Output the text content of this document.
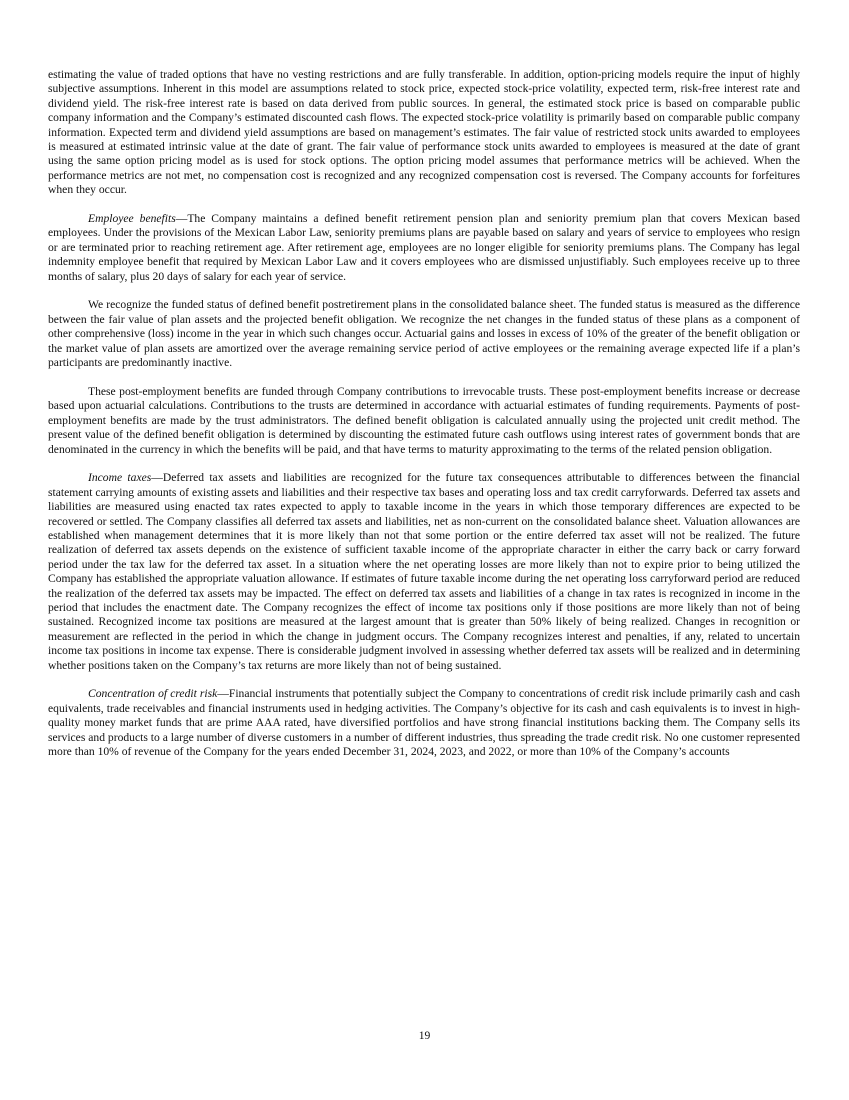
estimating the value of traded options that have no vesting restrictions and are fully transferable. In addition, option-pricing models require the input of highly subjective assumptions. Inherent in this model are assumptions related to stock price, expected stock-price volatility, expected term, risk-free interest rate and dividend yield. The risk-free interest rate is based on data derived from public sources. In general, the estimated stock price is based on comparable public company information and the Company’s estimated discounted cash flows. The expected stock-price volatility is primarily based on comparable public company information. Expected term and dividend yield assumptions are based on management’s estimates. The fair value of restricted stock units awarded to employees is measured at estimated intrinsic value at the date of grant. The fair value of performance stock units awarded to employees is measured at the date of grant using the same option pricing model as is used for stock options. The option pricing model assumes that performance metrics will be achieved. When the performance metrics are not met, no compensation cost is recognized and any recognized compensation cost is reversed. The Company accounts for forfeitures when they occur.

Employee benefits—The Company maintains a defined benefit retirement pension plan and seniority premium plan that covers Mexican based employees. Under the provisions of the Mexican Labor Law, seniority premiums plans are payable based on salary and years of service to employees who resign or are terminated prior to reaching retirement age. After retirement age, employees are no longer eligible for seniority premiums plans. The Company has legal indemnity employee benefit that required by Mexican Labor Law and it covers employees who are dismissed unjustifiably. Such employees receive up to three months of salary, plus 20 days of salary for each year of service.

We recognize the funded status of defined benefit postretirement plans in the consolidated balance sheet. The funded status is measured as the difference between the fair value of plan assets and the projected benefit obligation. We recognize the net changes in the funded status of these plans as a component of other comprehensive (loss) income in the year in which such changes occur. Actuarial gains and losses in excess of 10% of the greater of the benefit obligation or the market value of plan assets are amortized over the average remaining service period of active employees or the remaining average expected life if a plan’s participants are predominantly inactive.

These post-employment benefits are funded through Company contributions to irrevocable trusts. These post-employment benefits increase or decrease based upon actuarial calculations. Contributions to the trusts are determined in accordance with actuarial estimates of funding requirements. Payments of post-employment benefits are made by the trust administrators. The defined benefit obligation is calculated annually using the projected unit credit method. The present value of the defined benefit obligation is determined by discounting the estimated future cash outflows using interest rates of government bonds that are denominated in the currency in which the benefits will be paid, and that have terms to maturity approximating to the terms of the related pension obligation.

Income taxes—Deferred tax assets and liabilities are recognized for the future tax consequences attributable to differences between the financial statement carrying amounts of existing assets and liabilities and their respective tax bases and operating loss and tax credit carryforwards. Deferred tax assets and liabilities are measured using enacted tax rates expected to apply to taxable income in the years in which those temporary differences are expected to be recovered or settled. The Company classifies all deferred tax assets and liabilities, net as non-current on the consolidated balance sheet. Valuation allowances are established when management determines that it is more likely than not that some portion or the entire deferred tax asset will not be realized. The future realization of deferred tax assets depends on the existence of sufficient taxable income of the appropriate character in either the carry back or carry forward period under the tax law for the deferred tax asset. In a situation where the net operating losses are more likely than not to expire prior to being utilized the Company has established the appropriate valuation allowance. If estimates of future taxable income during the net operating loss carryforward period are reduced the realization of the deferred tax assets may be impacted. The effect on deferred tax assets and liabilities of a change in tax rates is recognized in income in the period that includes the enactment date. The Company recognizes the effect of income tax positions only if those positions are more likely than not of being sustained. Recognized income tax positions are measured at the largest amount that is greater than 50% likely of being realized. Changes in recognition or measurement are reflected in the period in which the change in judgment occurs. The Company recognizes interest and penalties, if any, related to uncertain income tax positions in income tax expense. There is considerable judgment involved in assessing whether deferred tax assets will be realized and in determining whether positions taken on the Company’s tax returns are more likely than not of being sustained.

Concentration of credit risk—Financial instruments that potentially subject the Company to concentrations of credit risk include primarily cash and cash equivalents, trade receivables and financial instruments used in hedging activities. The Company’s objective for its cash and cash equivalents is to invest in high-quality money market funds that are prime AAA rated, have diversified portfolios and have strong financial institutions backing them. The Company sells its services and products to a large number of diverse customers in a number of different industries, thus spreading the trade credit risk. No one customer represented more than 10% of revenue of the Company for the years ended December 31, 2024, 2023, and 2022, or more than 10% of the Company’s accounts

19
